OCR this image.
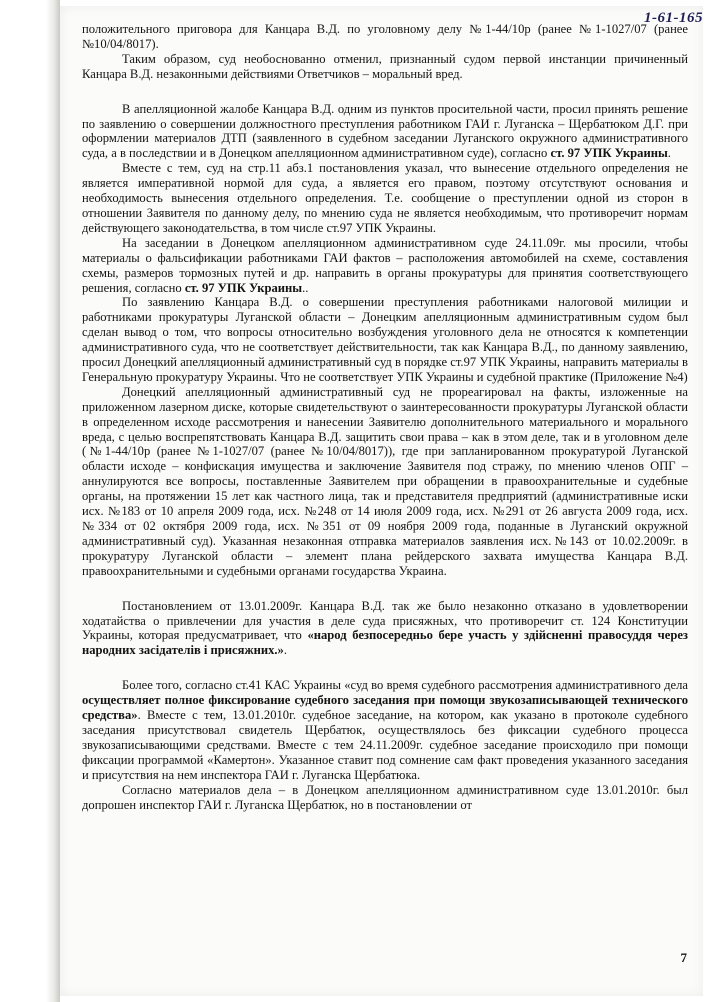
1-61-165

положительного приговора для Канцара В.Д. по уголовному делу №1-44/10р (ранее №1-1027/07 (ранее №10/04/8017).

Таким образом, суд необоснованно отменил, признанный судом первой инстанции причиненный Канцара В.Д. незаконными действиями Ответчиков – моральный вред.

В апелляционной жалобе Канцара В.Д. одним из пунктов просительной части, просил принять решение по заявлению о совершении должностного преступления работником ГАИ г. Луганска – Щербатюком Д.Г. при оформлении материалов ДТП (заявленного в судебном заседании Луганского окружного административного суда, а в последствии и в Донецком апелляционном административном суде), согласно ст. 97 УПК Украины.

Вместе с тем, суд на стр.11 абз.1 постановления указал, что вынесение отдельного определения не является императивной нормой для суда, а является его правом, поэтому отсутствуют основания и необходимость вынесения отдельного определения. Т.е. сообщение о преступлении одной из сторон в отношении Заявителя по данному делу, по мнению суда не является необходимым, что противоречит нормам действующего законодательства, в том числе ст.97 УПК Украины.

На заседании в Донецком апелляционном административном суде 24.11.09г. мы просили, чтобы материалы о фальсификации работниками ГАИ фактов – расположения автомобилей на схеме, составления схемы, размеров тормозных путей и др. направить в органы прокуратуры для принятия соответствующего решения, согласно ст. 97 УПК Украины..

По заявлению Канцара В.Д. о совершении преступления работниками налоговой милиции и работниками прокуратуры Луганской области – Донецким апелляционным административным судом был сделан вывод о том, что вопросы относительно возбуждения уголовного дела не относятся к компетенции административного суда, что не соответствует действительности, так как Канцара В.Д., по данному заявлению, просил Донецкий апелляционный административный суд в порядке ст.97 УПК Украины, направить материалы в Генеральную прокуратуру Украины. Что не соответствует УПК Украины и судебной практике (Приложение №4)

Донецкий апелляционный административный суд не прореагировал на факты, изложенные на приложенном лазерном диске, которые свидетельствуют о заинтересованности прокуратуры Луганской области в определенном исходе рассмотрения и нанесении Заявителю дополнительного материального и морального вреда, с целью воспрепятствовать Канцара В.Д. защитить свои права – как в этом деле, так и в уголовном деле (№1-44/10р (ранее №1-1027/07 (ранее №10/04/8017)), где при запланированном прокуратурой Луганской области исходе – конфискация имущества и заключение Заявителя под стражу, по мнению членов ОПГ – аннулируются все вопросы, поставленные Заявителем при обращении в правоохранительные и судебные органы, на протяжении 15 лет как частного лица, так и представителя предприятий (административные иски исх. №183 от 10 апреля 2009 года, исх. №248 от 14 июля 2009 года, исх. №291 от 26 августа 2009 года, исх. №334 от 02 октября 2009 года, исх. №351 от 09 ноября 2009 года, поданные в Луганский окружной административный суд). Указанная незаконная отправка материалов заявления исх.№143 от 10.02.2009г. в прокуратуру Луганской области – элемент плана рейдерского захвата имущества Канцара В.Д. правоохранительными и судебными органами государства Украина.

Постановлением от 13.01.2009г. Канцара В.Д. так же было незаконно отказано в удовлетворении ходатайства о привлечении для участия в деле суда присяжных, что противоречит ст. 124 Конституции Украины, которая предусматривает, что «народ безпосередньо бере участь у здійсненні правосуддя через народних засідателів і присяжних.».

Более того, согласно ст.41 КАС Украины «суд во время судебного рассмотрения административного дела осуществляет полное фиксирование судебного заседания при помощи звукозаписывающей технического средства». Вместе с тем, 13.01.2010г. судебное заседание, на котором, как указано в протоколе судебного заседания присутствовал свидетель Щербатюк, осуществлялось без фиксации судебного процесса звукозаписывающими средствами. Вместе с тем 24.11.2009г. судебное заседание происходило при помощи фиксации программой «Камертон». Указанное ставит под сомнение сам факт проведения указанного заседания и присутствия на нем инспектора ГАИ г. Луганска Щербатюка.

Согласно материалов дела – в Донецком апелляционном административном суде 13.01.2010г. был допрошен инспектор ГАИ г. Луганска Щербатюк, но в постановлении от

7
